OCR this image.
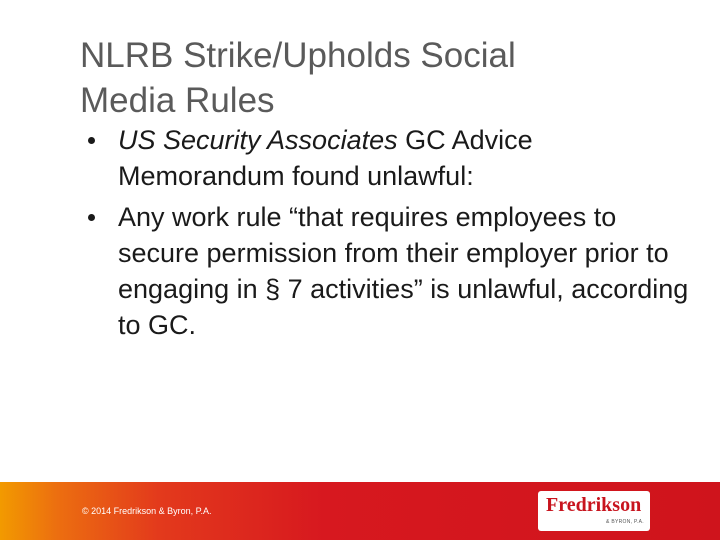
NLRB Strike/Upholds Social
Media Rules
US Security Associates GC Advice Memorandum found unlawful:
Any work rule “that requires employees to secure permission from their employer prior to engaging in § 7 activities” is unlawful, according to GC.
© 2014 Fredrikson & Byron, P.A.	Fredrikson
& BYRON, P.A.
